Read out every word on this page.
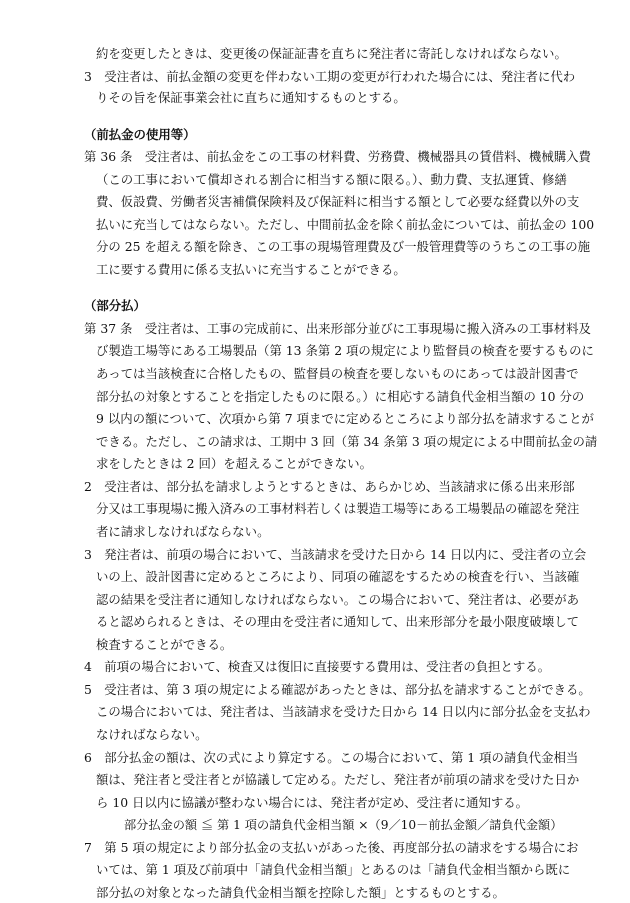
約を変更したときは、変更後の保証証書を直ちに発注者に寄託しなければならない。
3　受注者は、前払金額の変更を伴わない工期の変更が行われた場合には、発注者に代わ
りその旨を保証事業会社に直ちに通知するものとする。
（前払金の使用等）
第 36 条　受注者は、前払金をこの工事の材料費、労務費、機械器具の賃借料、機械購入費
（この工事において償却される割合に相当する額に限る。）、動力費、支払運賃、修繕
費、仮設費、労働者災害補償保険料及び保証料に相当する額として必要な経費以外の支
払いに充当してはならない。ただし、中間前払金を除く前払金については、前払金の 100
分の 25 を超える額を除き、この工事の現場管理費及び一般管理費等のうちこの工事の施
工に要する費用に係る支払いに充当することができる。
（部分払）
第 37 条　受注者は、工事の完成前に、出来形部分並びに工事現場に搬入済みの工事材料及
び製造工場等にある工場製品（第 13 条第 2 項の規定により監督員の検査を要するものに
あっては当該検査に合格したもの、監督員の検査を要しないものにあっては設計図書で
部分払の対象とすることを指定したものに限る。）に相応する請負代金相当額の 10 分の
9 以内の額について、次項から第 7 項までに定めるところにより部分払を請求することが
できる。ただし、この請求は、工期中 3 回（第 34 条第 3 項の規定による中間前払金の請
求をしたときは 2 回）を超えることができない。
2　受注者は、部分払を請求しようとするときは、あらかじめ、当該請求に係る出来形部
分又は工事現場に搬入済みの工事材料若しくは製造工場等にある工場製品の確認を発注
者に請求しなければならない。
3　発注者は、前項の場合において、当該請求を受けた日から 14 日以内に、受注者の立会
いの上、設計図書に定めるところにより、同項の確認をするための検査を行い、当該確
認の結果を受注者に通知しなければならない。この場合において、発注者は、必要があ
ると認められるときは、その理由を受注者に通知して、出来形部分を最小限度破壊して
検査することができる。
4　前項の場合において、検査又は復旧に直接要する費用は、受注者の負担とする。
5　受注者は、第 3 項の規定による確認があったときは、部分払を請求することができる。
この場合においては、発注者は、当該請求を受けた日から 14 日以内に部分払金を支払わ
なければならない。
6　部分払金の額は、次の式により算定する。この場合において、第 1 項の請負代金相当
額は、発注者と受注者とが協議して定める。ただし、発注者が前項の請求を受けた日か
ら 10 日以内に協議が整わない場合には、発注者が定め、受注者に通知する。
部分払金の額 ≦ 第 1 項の請負代金相当額 ×（9／10－前払金額／請負代金額）
7　第 5 項の規定により部分払金の支払いがあった後、再度部分払の請求をする場合にお
いては、第 1 項及び前項中「請負代金相当額」とあるのは「請負代金相当額から既に
部分払の対象となった請負代金相当額を控除した額」とするものとする。
